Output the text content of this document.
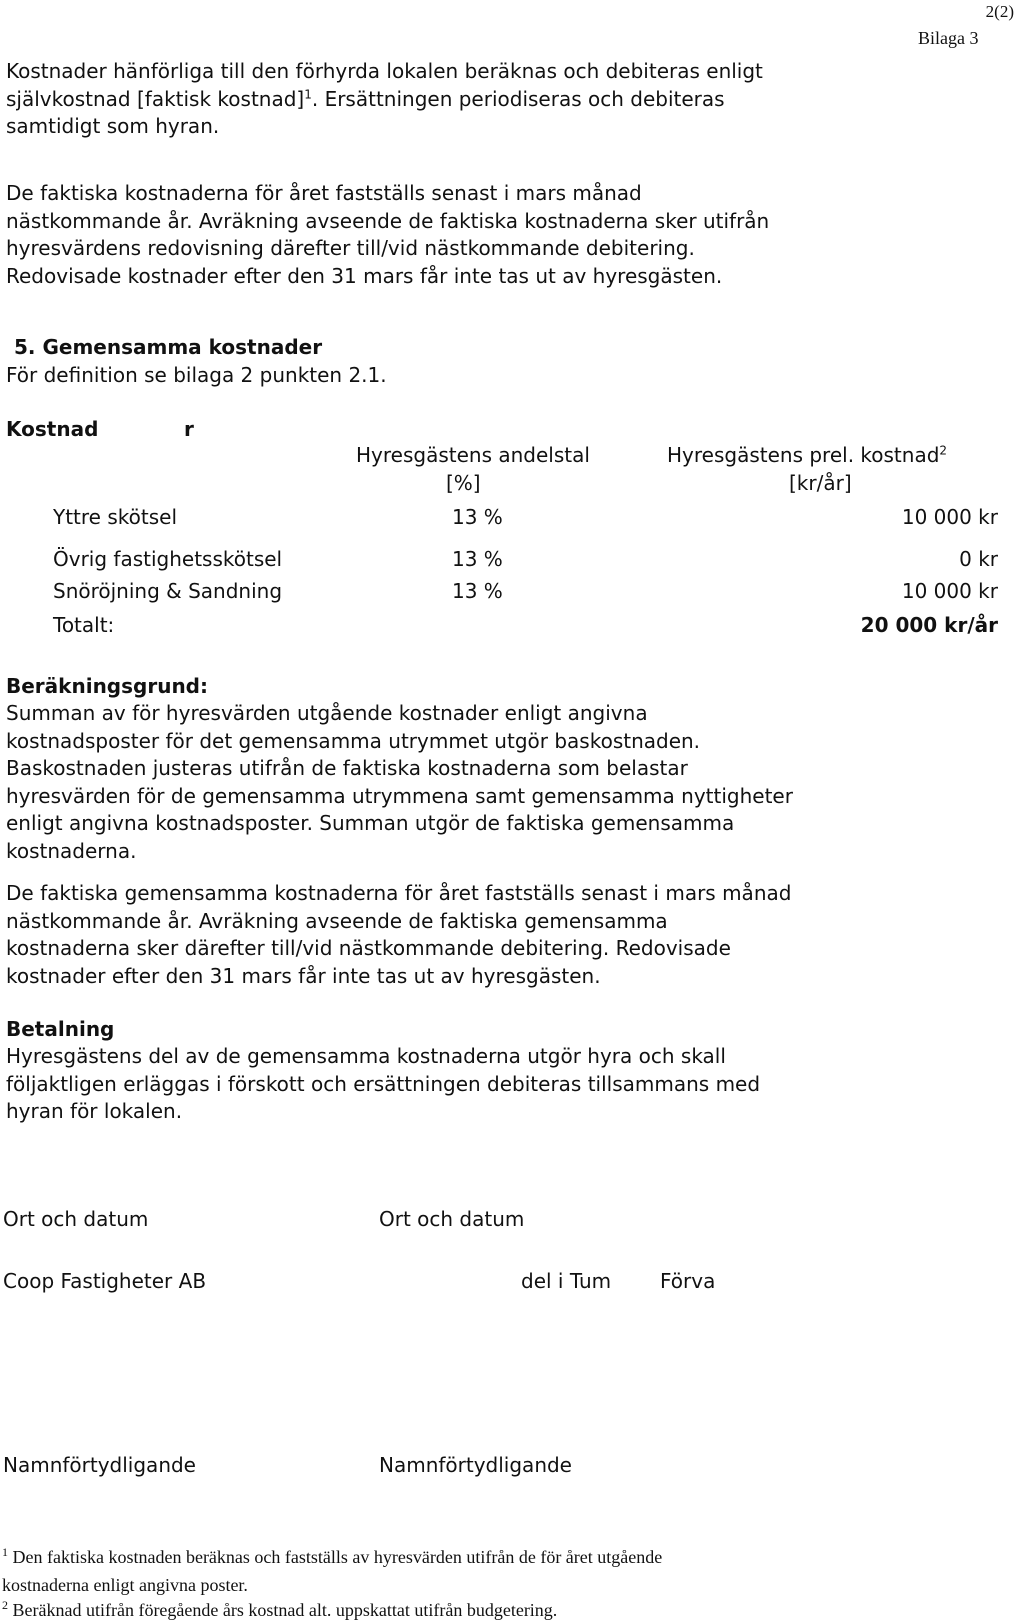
2(2)
Bilaga 3
Kostnader hänförliga till den förhyrda lokalen beräknas och debiteras enligt
självkostnad [faktisk kostnad]$^1$. Ersättningen periodiseras och debiteras
samtidigt som hyran.
De faktiska kostnaderna för året fastställs senast i mars månad
nästkommande år. Avräkning avseende de faktiska kostnaderna sker utifrån
hyresvärdens redovisning därefter till/vid nästkommande debitering.
Redovisade kostnader efter den 31 mars får inte tas ut av hyresgästen.
5. Gemensamma kostnader
För definition se bilaga 2 punkten 2.1.
Kostnad	r
Hyresgästens andelstal
[%]
Hyresgästens prel. kostnad$^2$
[kr/år]
Yttre skötsel	13 %	10 000 kr
Övrig fastighetsskötsel	13 %	0 kr
Snöröjning & Sandning	13 %	10 000 kr
Totalt:	20 000 kr/år
Beräkningsgrund:
Summan av för hyresvärden utgående kostnader enligt angivna
kostnadsposter för det gemensamma utrymmet utgör baskostnaden.
Baskostnaden justeras utifrån de faktiska kostnaderna som belastar
hyresvärden för de gemensamma utrymmena samt gemensamma nyttigheter
enligt angivna kostnadsposter. Summan utgör de faktiska gemensamma
kostnaderna.
De faktiska gemensamma kostnaderna för året fastställs senast i mars månad
nästkommande år. Avräkning avseende de faktiska gemensamma
kostnaderna sker därefter till/vid nästkommande debitering. Redovisade
kostnader efter den 31 mars får inte tas ut av hyresgästen.
Betalning
Hyresgästens del av de gemensamma kostnaderna utgör hyra och skall
följaktligen erläggas i förskott och ersättningen debiteras tillsammans med
hyran för lokalen.
Ort och datum	Ort och datum
Coop Fastigheter AB	del i Tum Förva
Namnförtydligande	Namnförtydligande
$^1$ Den faktiska kostnaden beräknas och fastställs av hyresvärden utifrån de för året utgående
kostnaderna enligt angivna poster.
$^2$ Beräknad utifrån föregående års kostnad alt. uppskattat utifrån budgetering.
